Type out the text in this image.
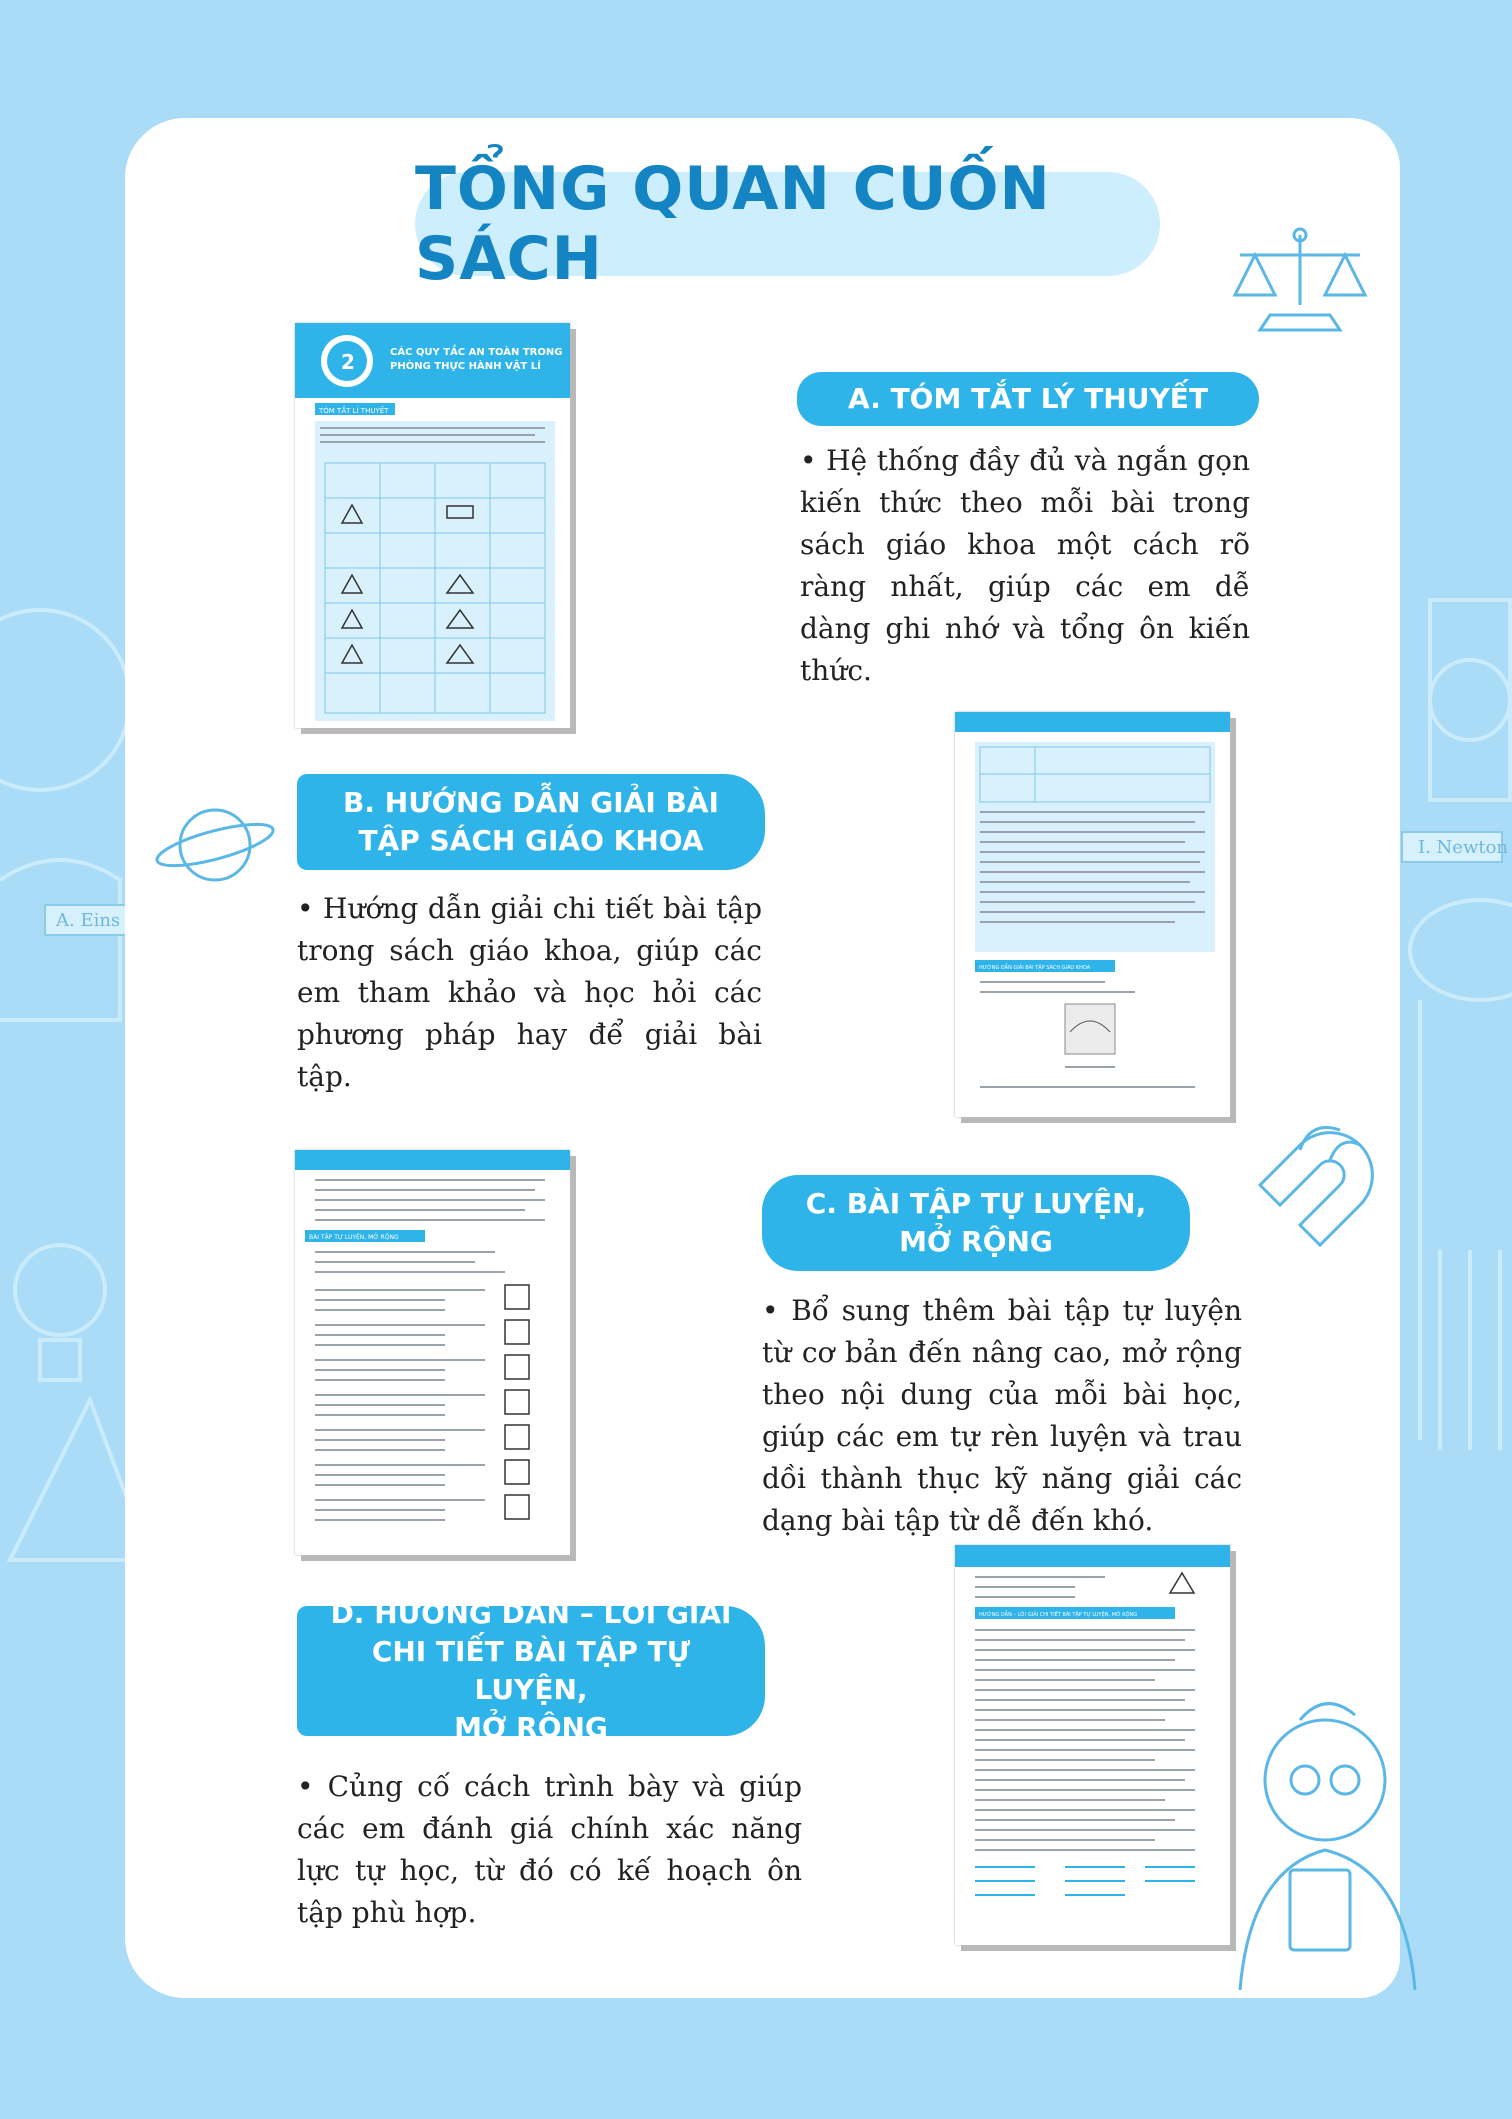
A. Eins
I. Newton
TỔNG QUAN CUỐN SÁCH
2	CÁC QUY TẮC AN TOÀN TRONG PHÒNG THỰC HÀNH VẬT LÍ
TÓM TẮT LÍ THUYẾT	A. TÓM TẮT LÝ THUYẾT

• Hệ thống đầy đủ và ngắn gọn kiến thức theo mỗi bài trong sách giáo khoa một cách rõ ràng nhất, giúp các em dễ dàng ghi nhớ và tổng ôn kiến thức.

HƯỚNG DẪN GIẢI BÀI TẬP SÁCH GIÁO KHOA
B. HƯỚNG DẪN GIẢI BÀI
TẬP SÁCH GIÁO KHOA

• Hướng dẫn giải chi tiết bài tập trong sách giáo khoa, giúp các em tham khảo và học hỏi các phương pháp hay để giải bài tập.

BÀI TẬP TỰ LUYỆN, MỞ RỘNG
C. BÀI TẬP TỰ LUYỆN,
MỞ RỘNG

• Bổ sung thêm bài tập tự luyện từ cơ bản đến nâng cao, mở rộng theo nội dung của mỗi bài học, giúp các em tự rèn luyện và trau dồi thành thục kỹ năng giải các dạng bài tập từ dễ đến khó.

HƯỚNG DẪN – LỜI GIẢI CHI TIẾT BÀI TẬP TỰ LUYỆN, MỞ RỘNG
D. HƯỚNG DẪN – LỜI GIẢI
CHI TIẾT BÀI TẬP TỰ LUYỆN,
MỞ RỘNG

• Củng cố cách trình bày và giúp các em đánh giá chính xác năng lực tự học, từ đó có kế hoạch ôn tập phù hợp.
